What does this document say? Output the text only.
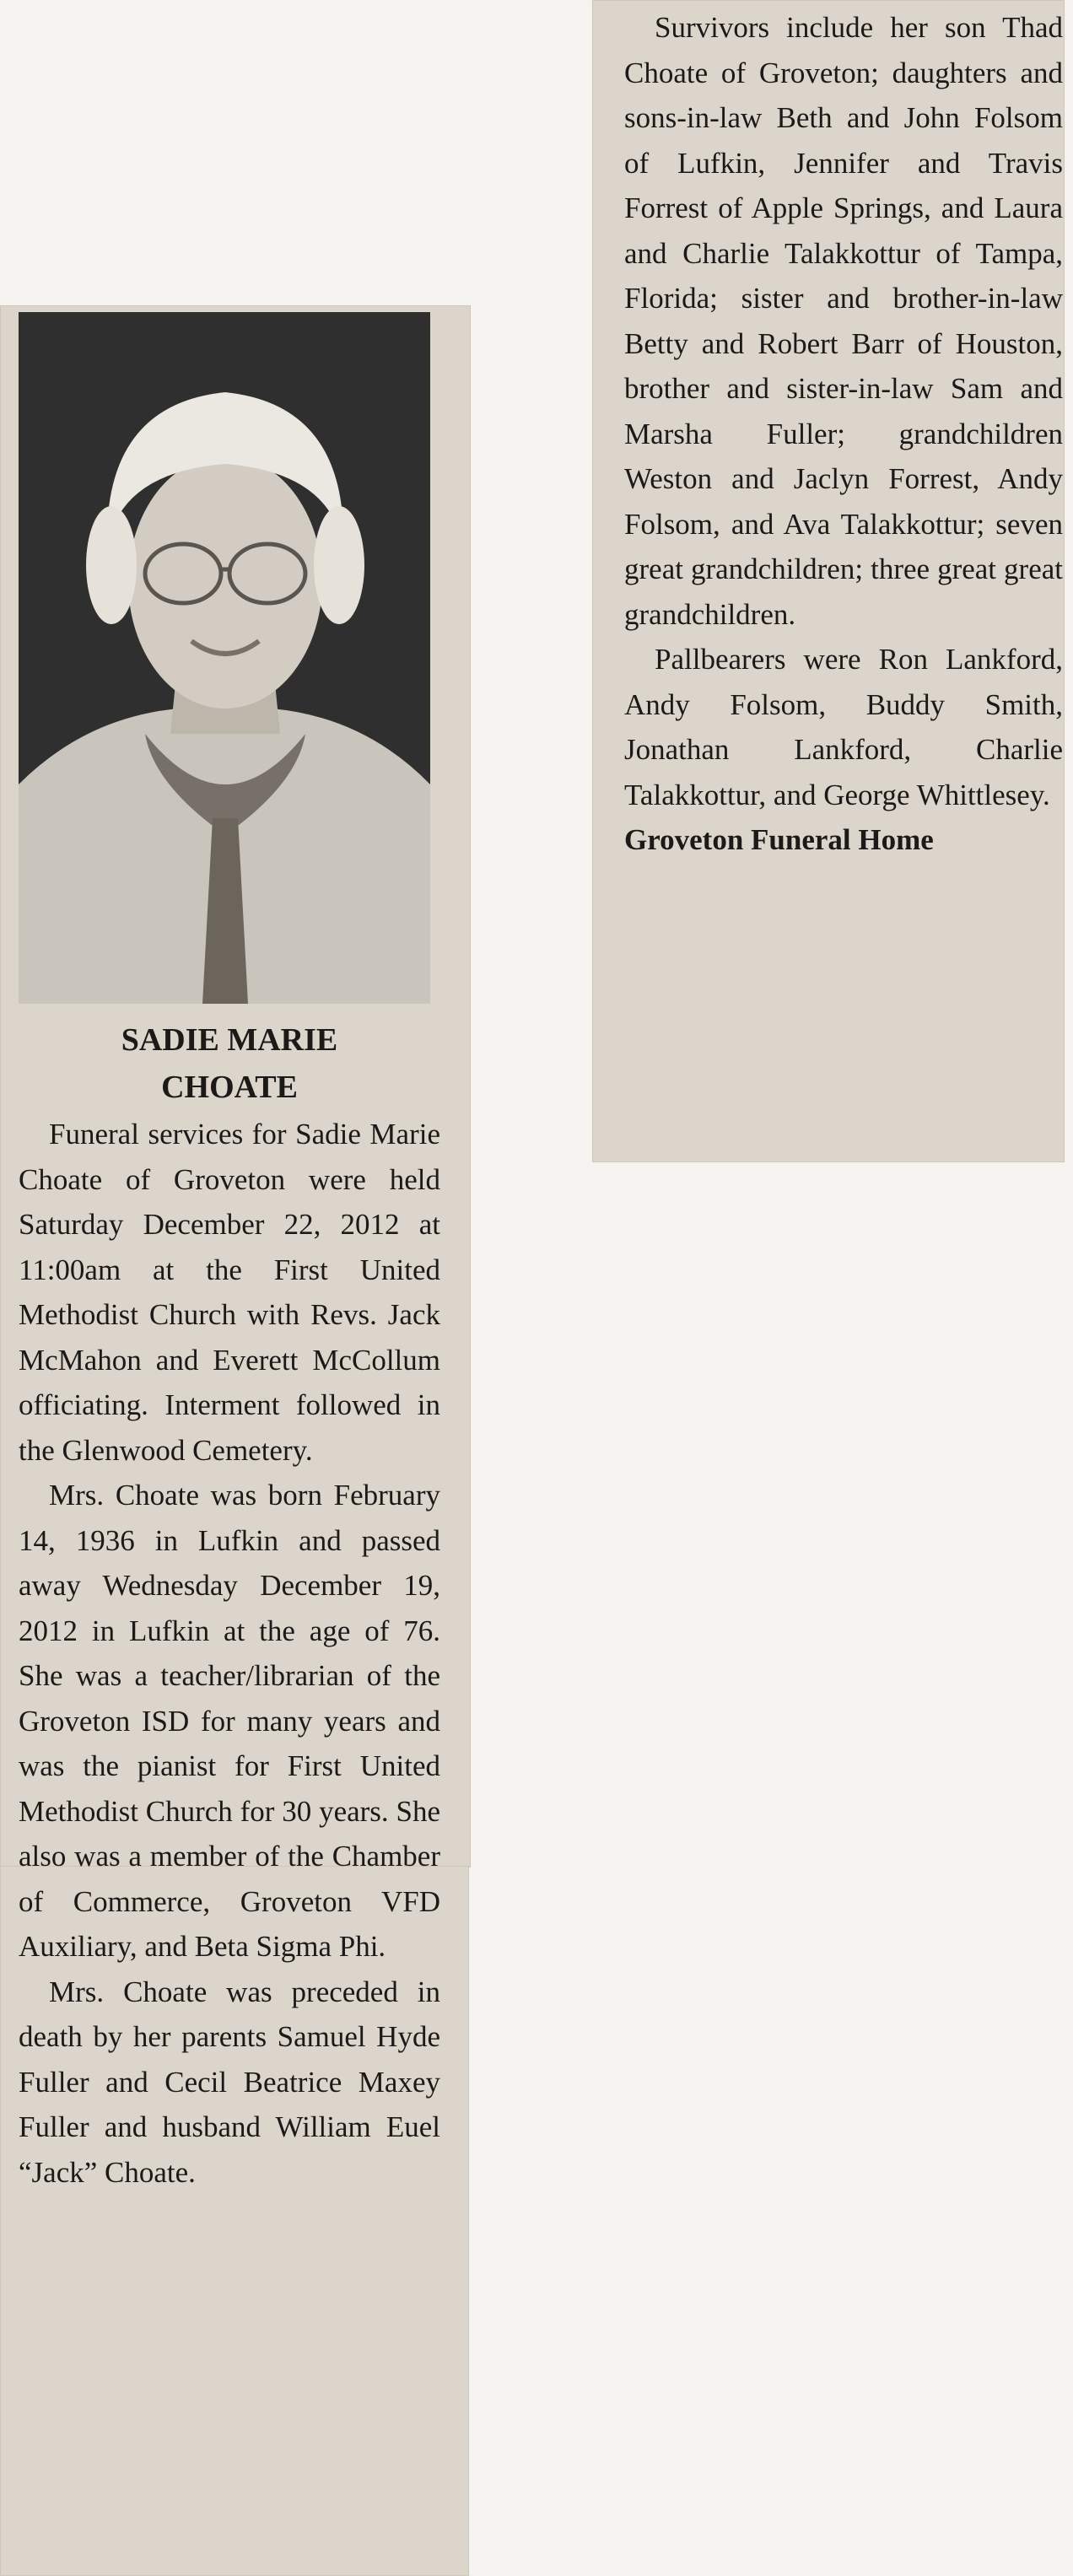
SADIE MARIE
CHOATE

Funeral services for Sadie Marie Choate of Groveton were held Saturday December 22, 2012 at 11:00am at the First United Methodist Church with Revs. Jack McMahon and Everett McCollum officiating. Interment followed in the Glenwood Cemetery.

Mrs. Choate was born February 14, 1936 in Lufkin and passed away Wednesday December 19, 2012 in Lufkin at the age of 76. She was a teacher/librarian of the Groveton ISD for many years and was the pianist for First United Methodist Church for 30 years. She also was a member of the Chamber of Commerce, Groveton VFD Auxiliary, and Beta Sigma Phi.

Mrs. Choate was preceded in death by her parents Samuel Hyde Fuller and Cecil Beatrice Maxey Fuller and husband William Euel “Jack” Choate.

Survivors include her son Thad Choate of Groveton; daughters and sons-in-law Beth and John Folsom of Lufkin, Jennifer and Travis Forrest of Apple Springs, and Laura and Charlie Talakkottur of Tampa, Florida; sister and brother-in-law Betty and Robert Barr of Houston, brother and sister-in-law Sam and Marsha Fuller; grandchildren Weston and Jaclyn Forrest, Andy Folsom, and Ava Talakkottur; seven great grandchildren; three great great grandchildren.

Pallbearers were Ron Lankford, Andy Folsom, Buddy Smith, Jonathan Lankford, Charlie Talakkottur, and George Whittlesey.

Groveton Funeral Home
